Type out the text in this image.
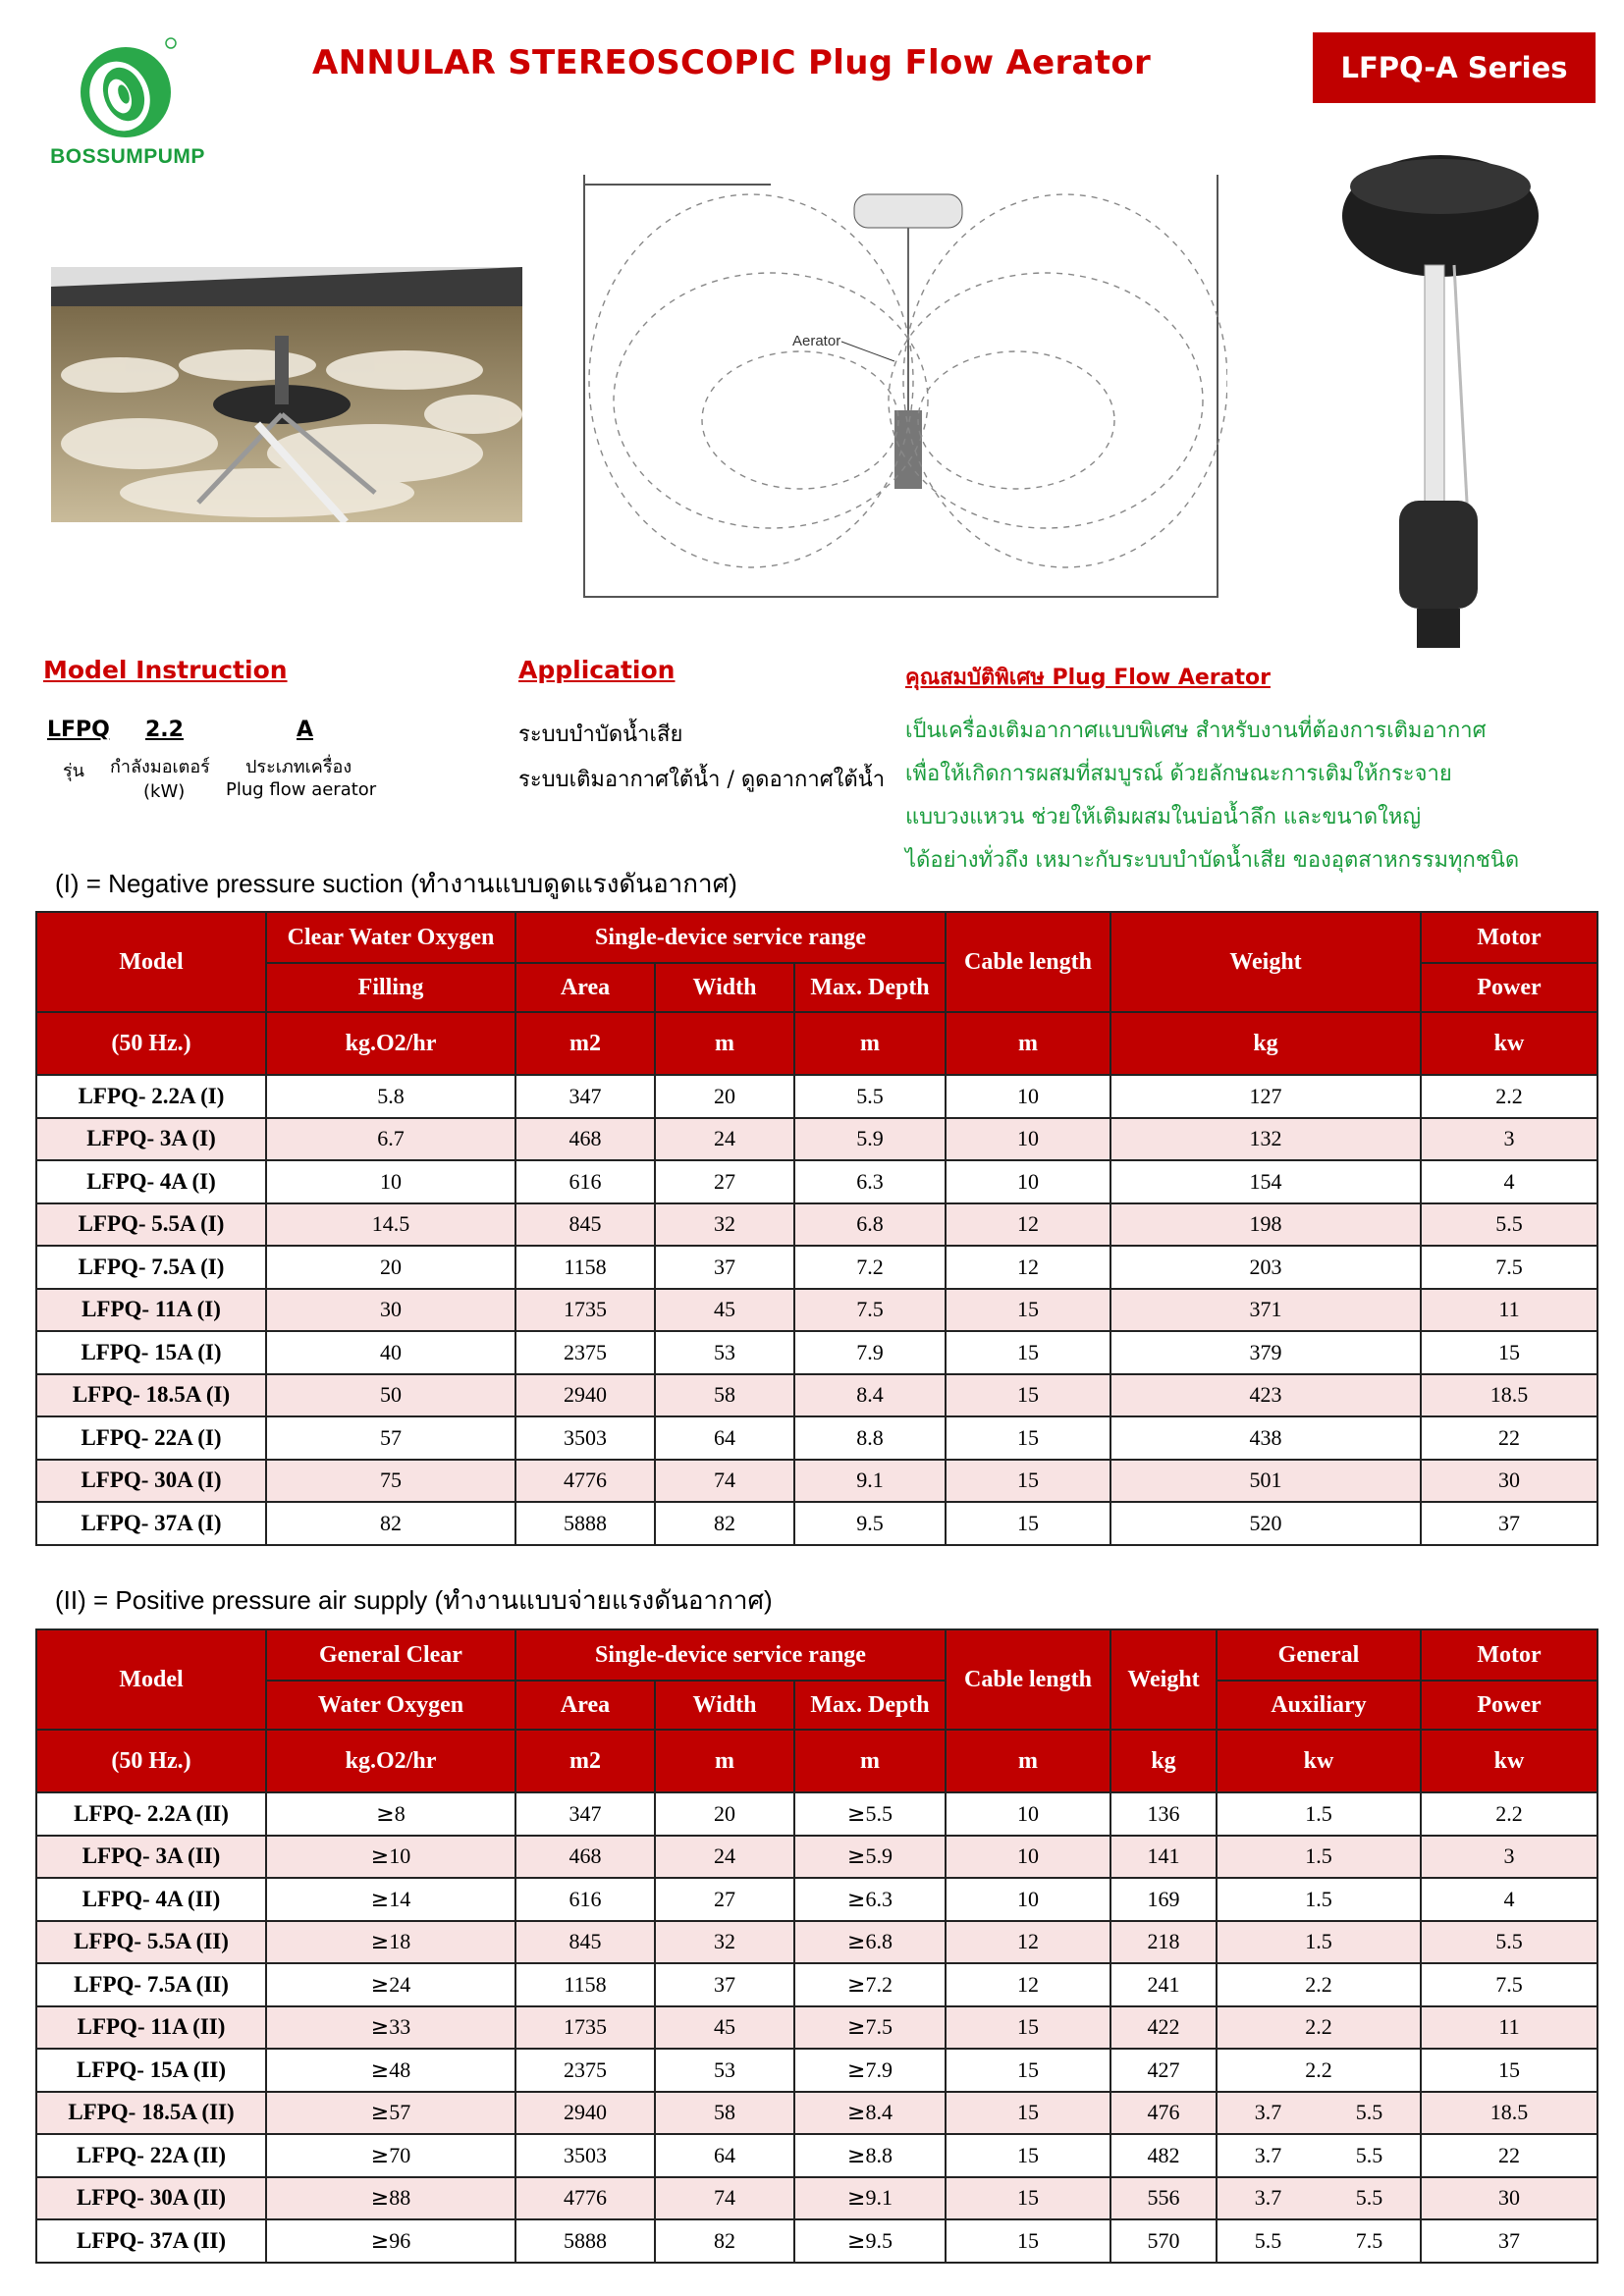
BOSSUMPUMP
ANNULAR STEREOSCOPIC Plug Flow Aerator	LFPQ-A Series
Aerator
Model Instruction
LFPQ 2.2	A
รุ่น กำลังมอเตอร์
(kW)
ประเภทเครื่อง
Plug flow aerator
Application
ระบบบำบัดน้ำเสีย
ระบบเติมอากาศใต้น้ำ / ดูดอากาศใต้น้ำ
คุณสมบัติพิเศษ Plug Flow Aerator
เป็นเครื่องเติมอากาศแบบพิเศษ สำหรับงานที่ต้องการเติมอากาศ
เพื่อให้เกิดการผสมที่สมบูรณ์ ด้วยลักษณะการเติมให้กระจาย
แบบวงแหวน ช่วยให้เติมผสมในบ่อน้ำลึก และขนาดใหญ่
ได้อย่างทั่วถึง เหมาะกับระบบบำบัดน้ำเสีย ของอุตสาหกรรมทุกชนิด
(I) = Negative pressure suction (ทำงานแบบดูดแรงดันอากาศ)
Model	Clear Water Oxygen	Single-device service range			Cable length	Weight	Motor
	Filling	Area	Width	Max. Depth			Power
(50 Hz.)	kg.O2/hr	m2	m	m	m	kg	kw
LFPQ- 2.2A (I)	5.8	347	20	5.5	10	127	2.2
LFPQ- 3A (I)	6.7	468	24	5.9	10	132	3
LFPQ- 4A (I)	10	616	27	6.3	10	154	4
LFPQ- 5.5A (I)	14.5	845	32	6.8	12	198	5.5
LFPQ- 7.5A (I)	20	1158	37	7.2	12	203	7.5
LFPQ- 11A (I)	30	1735	45	7.5	15	371	11
LFPQ- 15A (I)	40	2375	53	7.9	15	379	15
LFPQ- 18.5A (I)	50	2940	58	8.4	15	423	18.5
LFPQ- 22A (I)	57	3503	64	8.8	15	438	22
LFPQ- 30A (I)	75	4776	74	9.1	15	501	30
LFPQ- 37A (I)	82	5888	82	9.5	15	520	37
(II) = Positive pressure air supply (ทำงานแบบจ่ายแรงดันอากาศ)
Model	General Clear	Single-device service range			Cable length	Weight	General	Motor
	Water Oxygen	Area	Width	Max. Depth			Auxiliary	Power
(50 Hz.)	kg.O2/hr	m2	m	m	m	kg	kw	kw
LFPQ- 2.2A (II)	≥8	347	20	≥5.5	10	136	1.5	2.2
LFPQ- 3A (II)	≥10	468	24	≥5.9	10	141	1.5	3
LFPQ- 4A (II)	≥14	616	27	≥6.3	10	169	1.5	4
LFPQ- 5.5A (II)	≥18	845	32	≥6.8	12	218	1.5	5.5
LFPQ- 7.5A (II)	≥24	1158	37	≥7.2	12	241	2.2	7.5
LFPQ- 11A (II)	≥33	1735	45	≥7.5	15	422	2.2	11
LFPQ- 15A (II)	≥48	2375	53	≥7.9	15	427	2.2	15
LFPQ- 18.5A (II)	≥57	2940	58	≥8.4	15	476	3.7 5.5	18.5
LFPQ- 22A (II)	≥70	3503	64	≥8.8	15	482	3.7 5.5	22
LFPQ- 30A (II)	≥88	4776	74	≥9.1	15	556	3.7 5.5	30
LFPQ- 37A (II)	≥96	5888	82	≥9.5	15	570	5.5 7.5	37
